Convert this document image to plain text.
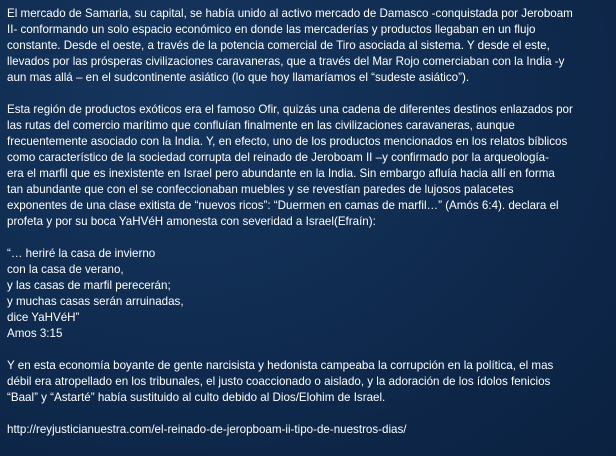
El mercado de Samaria, su capital, se había unido al activo mercado de Damasco -conquistada por Jeroboam
II- conformando un solo espacio económico en donde las mercaderías y productos llegaban en un flujo
constante. Desde el oeste, a través de la potencia comercial de Tiro asociada al sistema. Y desde el este,
llevados por las prósperas civilizaciones caravaneras, que a través del Mar Rojo comerciaban con la India -y
aun mas allá – en el sudcontinente asiático (lo que hoy llamaríamos el “sudeste asiático”).
Esta región de productos exóticos era el famoso Ofir, quizás una cadena de diferentes destinos enlazados por
las rutas del comercio marítimo que confluían finalmente en las civilizaciones caravaneras, aunque
frecuentemente asociado con la India. Y, en efecto, uno de los productos mencionados en los relatos bíblicos
como característico de la sociedad corrupta del reinado de Jeroboam II –y confirmado por la arqueología-
era el marfil que es inexistente en Israel pero abundante en la India. Sin embargo afluía hacia allí en forma
tan abundante que con el se confeccionaban muebles y se revestían paredes de lujosos palacetes
exponentes de una clase exitista de “nuevos ricos”: “Duermen en camas de marfil…” (Amós 6:4). declara el
profeta y por su boca YaHVéH amonesta con severidad a Israel(Efraín):
“… heriré la casa de invierno
con la casa de verano,
y las casas de marfil perecerán;
y muchas casas serán arruinadas,
dice YaHVéH”
Amos 3:15
Y en esta economía boyante de gente narcisista y hedonista campeaba la corrupción en la política, el mas
débil era atropellado en los tribunales, el justo coaccionado o aislado, y la adoración de los ídolos fenicios
“Baal” y “Astarté” había sustituido al culto debido al Dios/Elohim de Israel.
http://reyjusticianuestra.com/el-reinado-de-jeropboam-ii-tipo-de-nuestros-dias/
